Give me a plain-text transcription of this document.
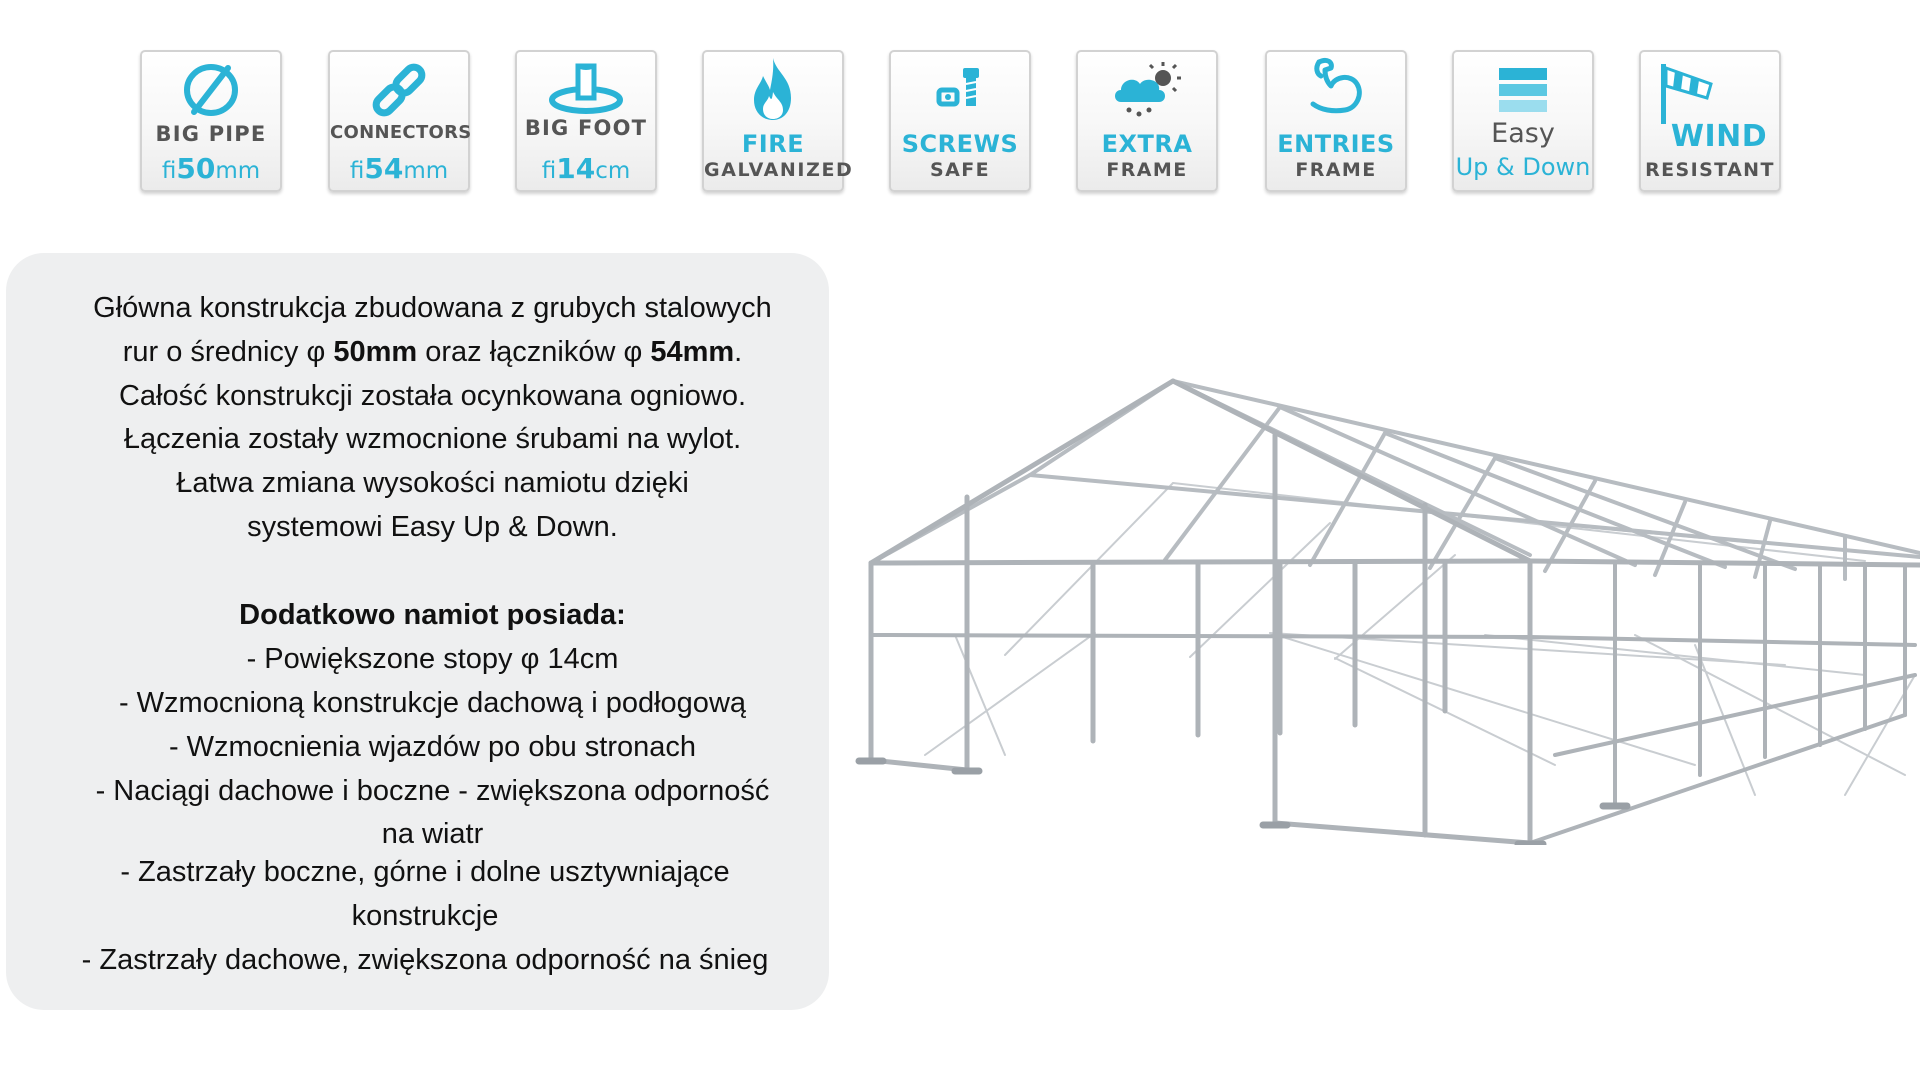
BIG PIPE
fi50mm
CONNECTORS
fi54mm
BIG FOOT
fi14cm
FIRE
GALVANIZED
SCREWS
SAFE
EXTRA
FRAME
ENTRIES
FRAME
Easy
Up & Down
WIND
RESISTANT
Główna konstrukcja zbudowana z grubych stalowych
rur o średnicy φ 50mm oraz łączników φ 54mm.
Całość konstrukcji została ocynkowana ogniowo.
Łączenia zostały wzmocnione śrubami na wylot.
Łatwa zmiana wysokości namiotu dzięki
systemowi Easy Up & Down.
Dodatkowo namiot posiada:
- Powiększone stopy φ 14cm
- Wzmocnioną konstrukcje dachową i podłogową
- Wzmocnienia wjazdów po obu stronach
- Naciągi dachowe i boczne - zwiększona odporność
na wiatr
- Zastrzały boczne, górne i dolne usztywniające
konstrukcje
- Zastrzały dachowe, zwiększona odporność na śnieg
